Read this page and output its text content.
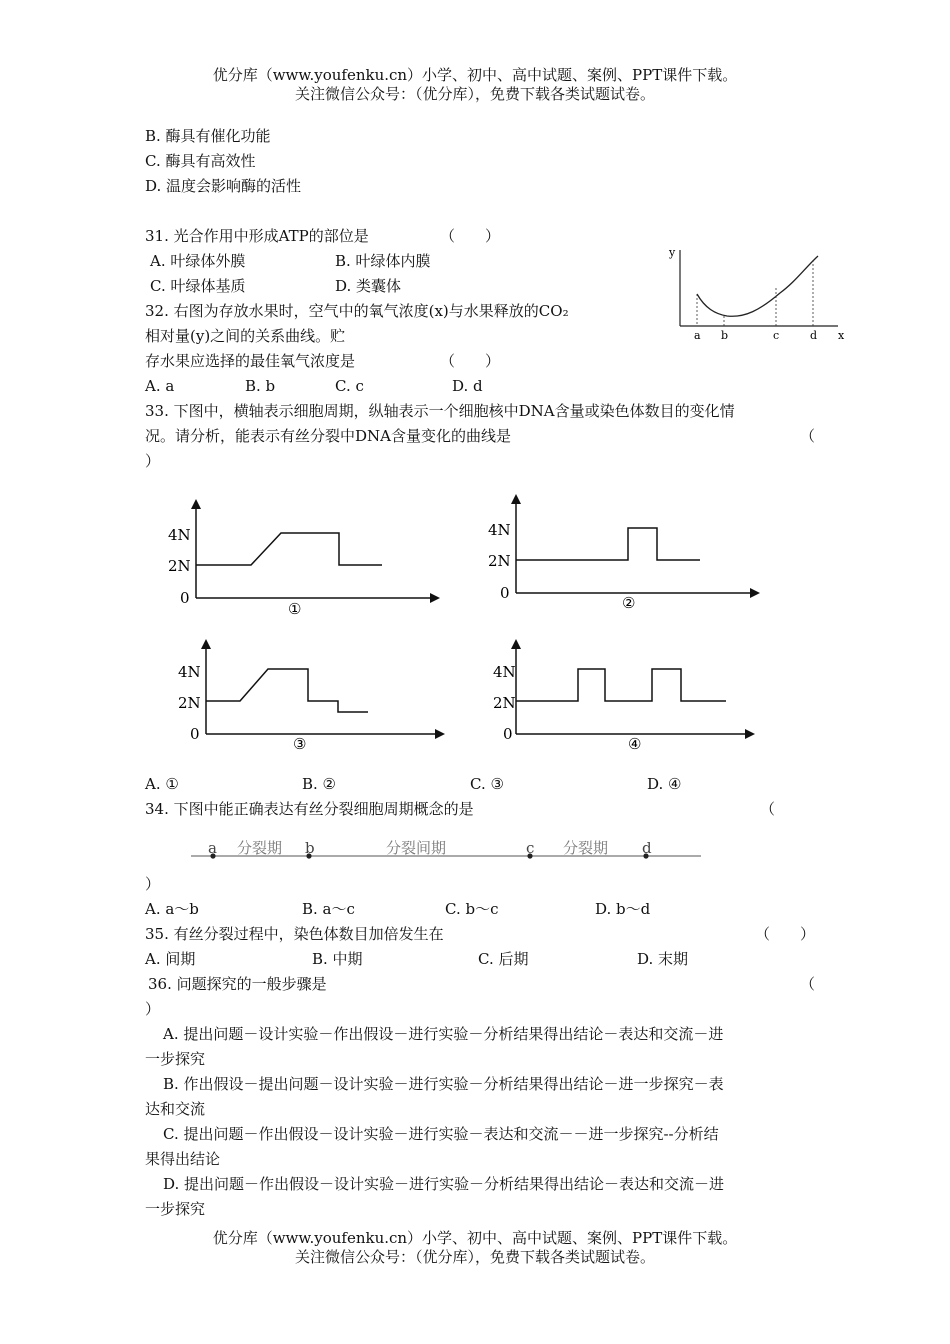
优分库（www.youfenku.cn）小学、初中、高中试题、案例、PPT课件下载。
关注微信公众号：（优分库），免费下载各类试题试卷。
B. 酶具有催化功能
C. 酶具有高效性
D. 温度会影响酶的活性
31. 光合作用中形成ATP的部位是	（　　）
A. 叶绿体外膜	B. 叶绿体内膜
C. 叶绿体基质	D. 类囊体
32. 右图为存放水果时，空气中的氧气浓度(x)与水果释放的CO₂
相对量(y)之间的关系曲线。贮
存水果应选择的最佳氧气浓度是	（　　）
A. a	B. b	C. c	D. d
y
x
a b	c	d
33. 下图中，横轴表示细胞周期，纵轴表示一个细胞核中DNA含量或染色体数目的变化情
况。请分析，能表示有丝分裂中DNA含量变化的曲线是	（
）
4N
2N
0
①
4N
2N
0
②
4N
2N
0
③
4N
2N
0
④
A. ①	B. ②	C. ③	D. ④
34. 下图中能正确表达有丝分裂细胞周期概念的是	（
a	b	c	d
分裂期	分裂间期	分裂期
）
A. a～b	B. a～c	C. b～c	D. b～d
35. 有丝分裂过程中，染色体数目加倍发生在	（　　）
A. 间期	B. 中期	C. 后期	D. 末期
36. 问题探究的一般步骤是	（
）
A. 提出问题－设计实验－作出假设－进行实验－分析结果得出结论－表达和交流－进
一步探究
B. 作出假设－提出问题－设计实验－进行实验－分析结果得出结论－进一步探究－表
达和交流
C. 提出问题－作出假设－设计实验－进行实验－表达和交流－－进一步探究--分析结
果得出结论
D. 提出问题－作出假设－设计实验－进行实验－分析结果得出结论－表达和交流－进
一步探究
优分库（www.youfenku.cn）小学、初中、高中试题、案例、PPT课件下载。
关注微信公众号：（优分库），免费下载各类试题试卷。
